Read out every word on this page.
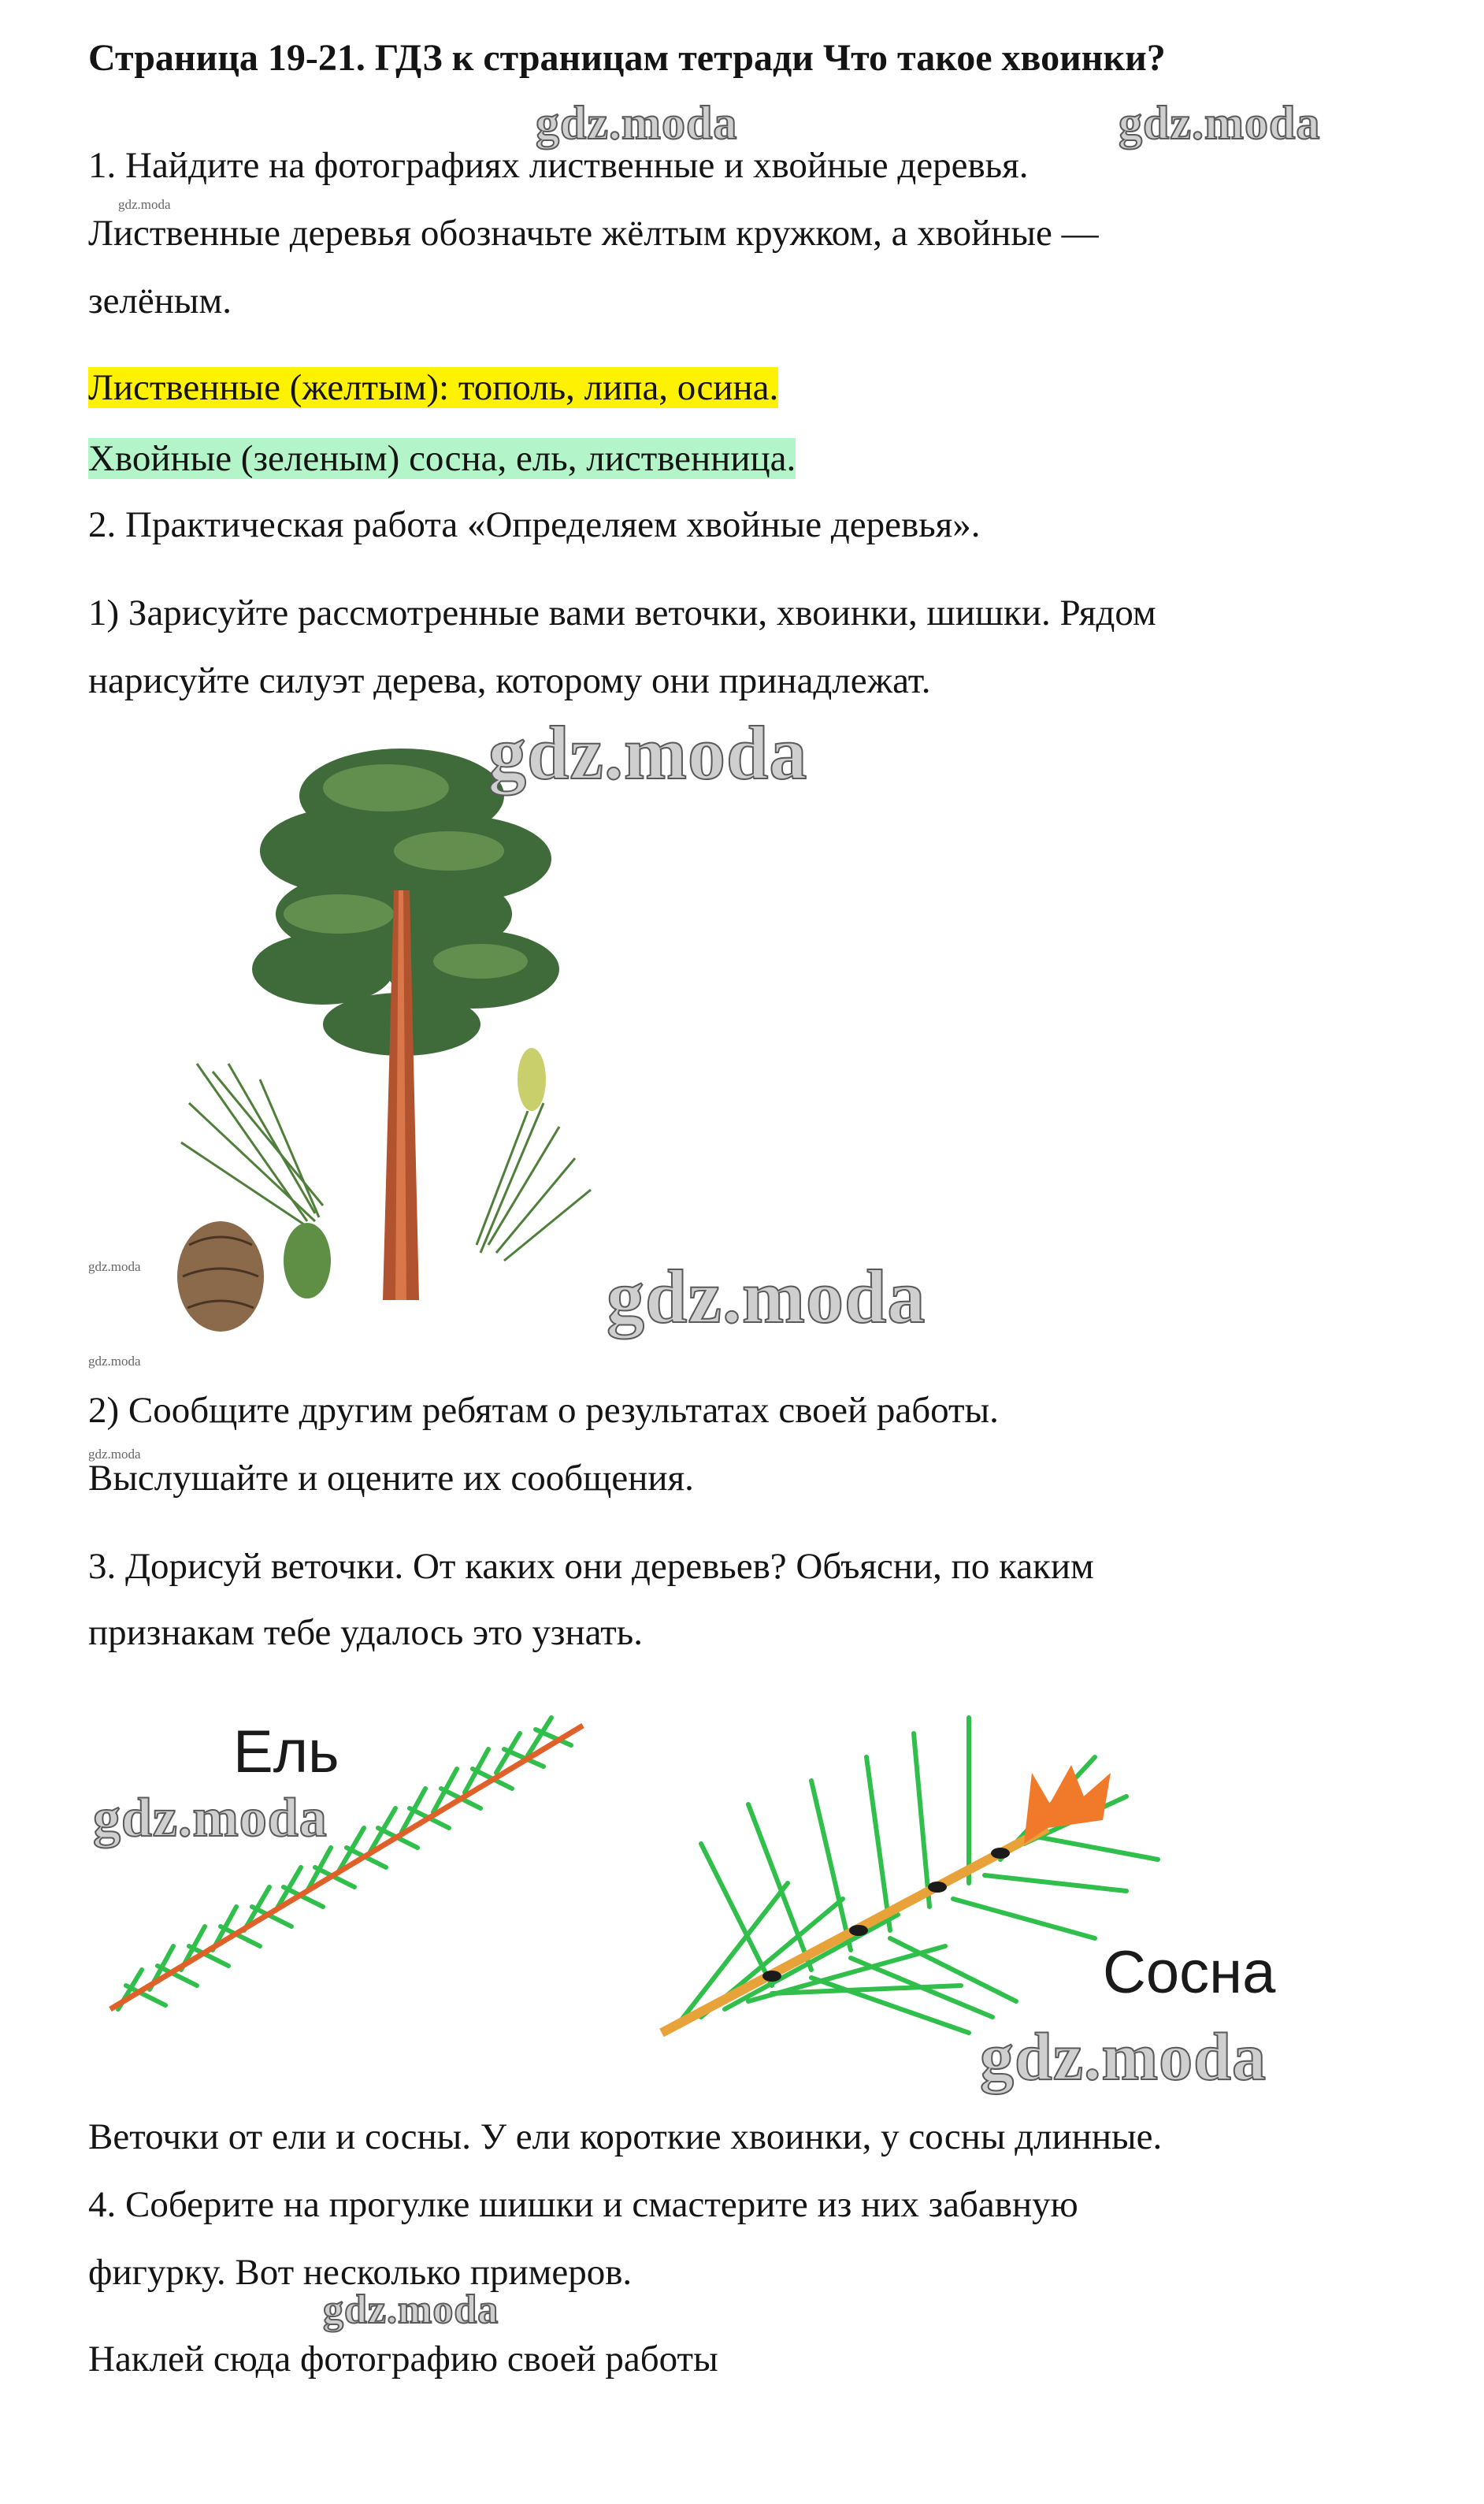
Страница 19-21. ГДЗ к страницам тетради Что такое хвоинки?
1. Найдите на фотографиях лиственные и хвойные деревья.
Лиственные деревья обозначьте жёлтым кружком, а хвойные —
зелёным.
Лиственные (желтым): тополь, липа, осина.
Хвойные (зеленым) сосна, ель, лиственница.
2. Практическая работа «Определяем хвойные деревья».
1) Зарисуйте рассмотренные вами веточки, хвоинки, шишки. Рядом
нарисуйте силуэт дерева, которому они принадлежат.
2) Сообщите другим ребятам о результатах своей работы.
Выслушайте и оцените их сообщения.
3. Дорисуй веточки. От каких они деревьев? Объясни, по каким
признакам тебе удалось это узнать.
Ель
Сосна
Веточки от ели и сосны. У ели короткие хвоинки, у сосны длинные.
4. Соберите на прогулке шишки и смастерите из них забавную
фигурку. Вот несколько примеров.
Наклей сюда фотографию своей работы
gdz.moda	gdz.moda
gdz.moda
gdz.moda
gdz.moda
gdz.moda
gdz.moda
gdz.moda
gdz.moda
gdz.moda
gdz.moda
